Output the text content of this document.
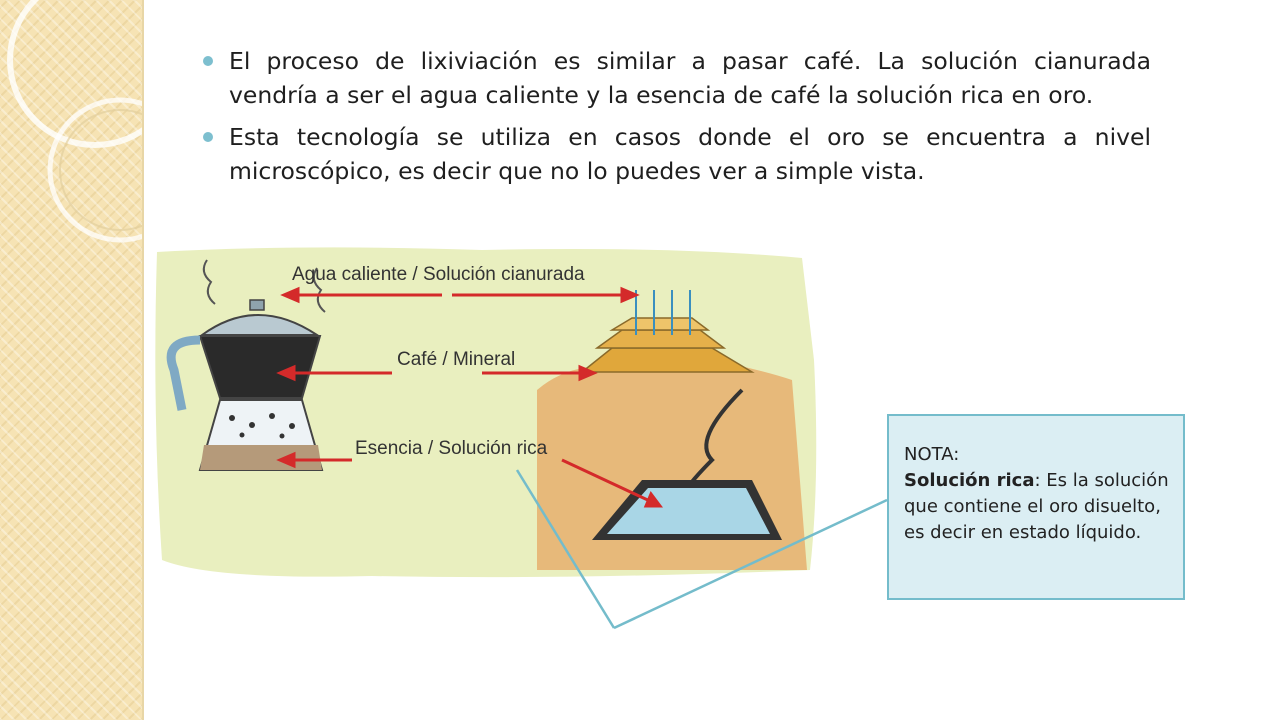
El proceso de lixiviación es similar a pasar café. La solución cianurada vendría a ser el agua caliente y la esencia de café la solución rica en oro.
Esta tecnología se utiliza en casos donde el oro se encuentra a nivel microscópico, es decir que no lo puedes ver a simple vista.
Agua caliente / Solución cianurada
Café / Mineral
Esencia / Solución rica	NOTA:
Solución rica: Es la solución que contiene el oro disuelto, es decir en estado líquido.
